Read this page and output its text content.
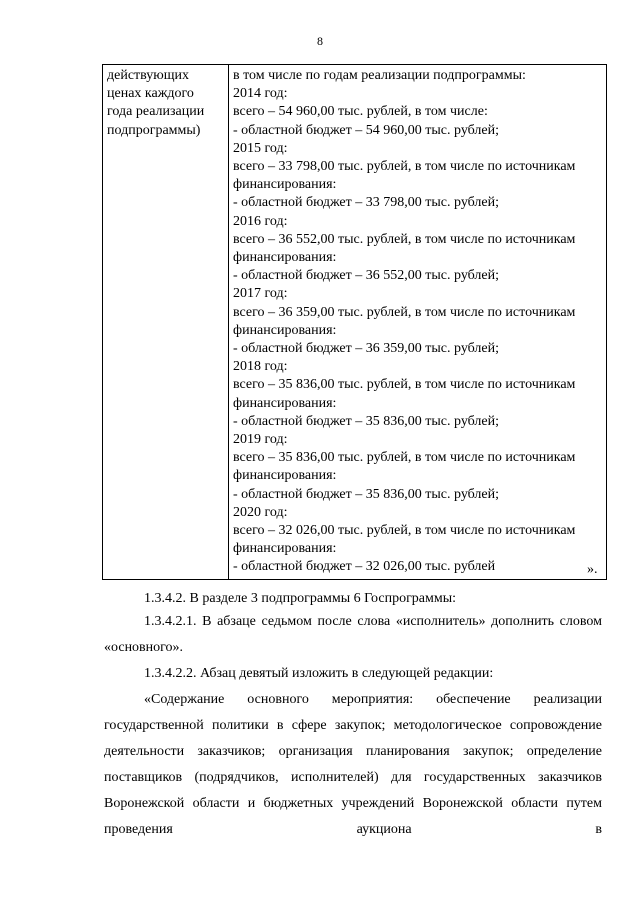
8
действующих
ценах каждого
года реализации
подпрограммы)

в том числе по годам реализации подпрограммы:
2014 год:
всего – 54 960,00 тыс. рублей, в том числе:
- областной бюджет – 54 960,00 тыс. рублей;
2015 год:
всего – 33 798,00 тыс. рублей, в том числе по источникам
финансирования:
- областной бюджет – 33 798,00 тыс. рублей;
2016 год:
всего – 36 552,00 тыс. рублей, в том числе по источникам
финансирования:
- областной бюджет – 36 552,00 тыс. рублей;
2017 год:
всего – 36 359,00 тыс. рублей, в том числе по источникам
финансирования:
- областной бюджет – 36 359,00 тыс. рублей;
2018 год:
всего – 35 836,00 тыс. рублей, в том числе по источникам
финансирования:
- областной бюджет – 35 836,00 тыс. рублей;
2019 год:
всего – 35 836,00 тыс. рублей, в том числе по источникам
финансирования:
- областной бюджет – 35 836,00 тыс. рублей;
2020 год:
всего – 32 026,00 тыс. рублей, в том числе по источникам
финансирования:
- областной бюджет – 32 026,00 тыс. рублей	».

1.3.4.2. В разделе 3 подпрограммы 6 Госпрограммы:

1.3.4.2.1. В абзаце седьмом после слова «исполнитель» дополнить словом «основного».

1.3.4.2.2. Абзац девятый изложить в следующей редакции:

«Содержание основного мероприятия: обеспечение реализации государственной политики в сфере закупок; методологическое сопровождение деятельности заказчиков; организация планирования закупок; определение поставщиков (подрядчиков, исполнителей) для государственных заказчиков Воронежской области и бюджетных учреждений Воронежской области путем проведения аукциона в
